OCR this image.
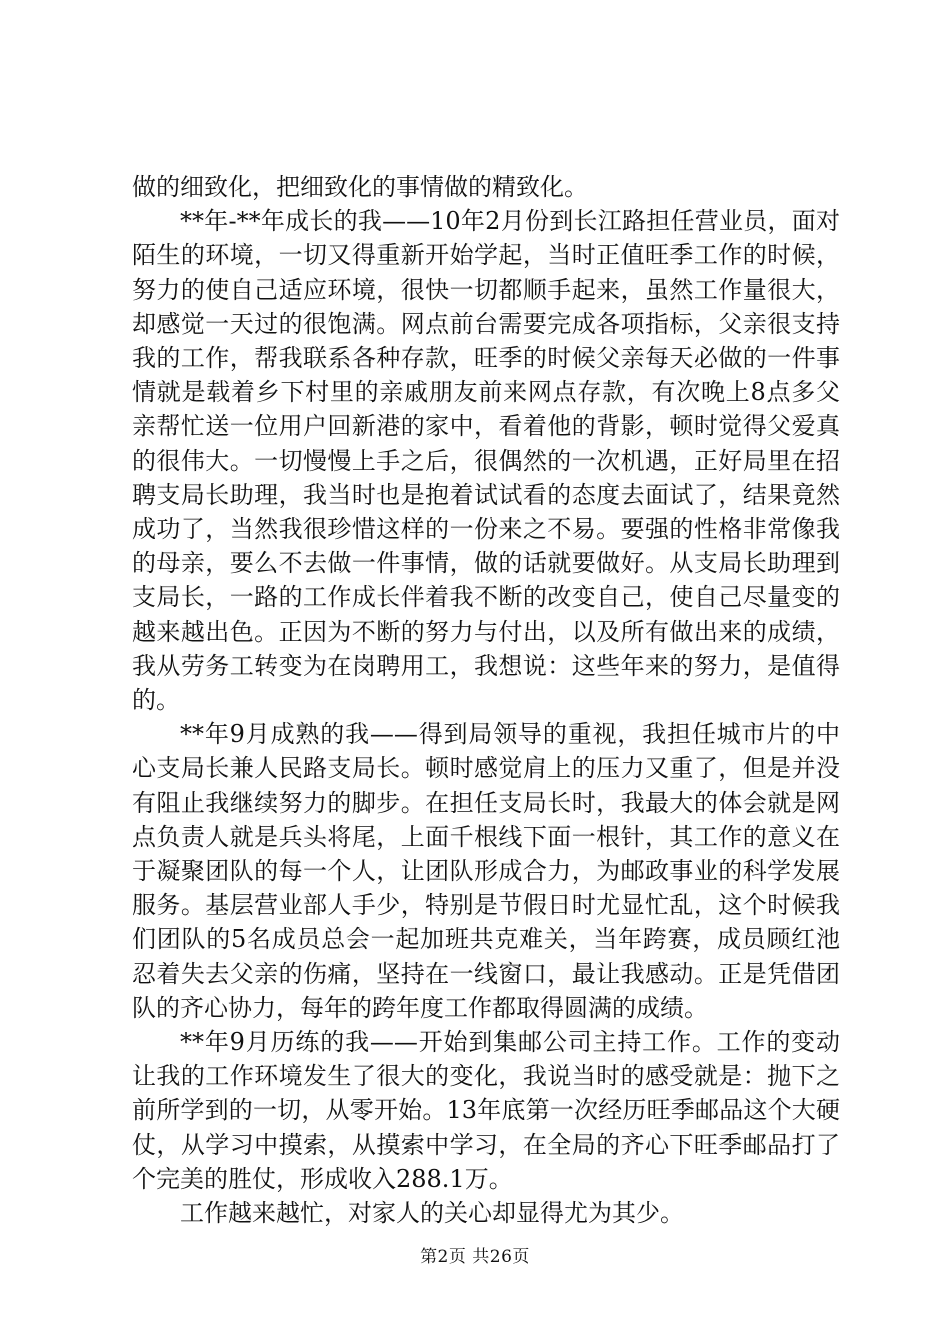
做的细致化，把细致化的事情做的精致化。

**年-**年成长的我——10年2月份到长江路担任营业员，面对陌生的环境，一切又得重新开始学起，当时正值旺季工作的时候，努力的使自己适应环境，很快一切都顺手起来，虽然工作量很大，却感觉一天过的很饱满。网点前台需要完成各项指标，父亲很支持我的工作，帮我联系各种存款，旺季的时候父亲每天必做的一件事情就是载着乡下村里的亲戚朋友前来网点存款，有次晚上8点多父亲帮忙送一位用户回新港的家中，看着他的背影，顿时觉得父爱真的很伟大。一切慢慢上手之后，很偶然的一次机遇，正好局里在招聘支局长助理，我当时也是抱着试试看的态度去面试了，结果竟然成功了，当然我很珍惜这样的一份来之不易。要强的性格非常像我的母亲，要么不去做一件事情，做的话就要做好。从支局长助理到支局长，一路的工作成长伴着我不断的改变自己，使自己尽量变的越来越出色。正因为不断的努力与付出，以及所有做出来的成绩，我从劳务工转变为在岗聘用工，我想说：这些年来的努力，是值得的。

**年9月成熟的我——得到局领导的重视，我担任城市片的中心支局长兼人民路支局长。顿时感觉肩上的压力又重了，但是并没有阻止我继续努力的脚步。在担任支局长时，我最大的体会就是网点负责人就是兵头将尾，上面千根线下面一根针，其工作的意义在于凝聚团队的每一个人，让团队形成合力，为邮政事业的科学发展服务。基层营业部人手少，特别是节假日时尤显忙乱，这个时候我们团队的5名成员总会一起加班共克难关，当年跨赛，成员顾红池忍着失去父亲的伤痛，坚持在一线窗口，最让我感动。正是凭借团队的齐心协力，每年的跨年度工作都取得圆满的成绩。

**年9月历练的我——开始到集邮公司主持工作。工作的变动让我的工作环境发生了很大的变化，我说当时的感受就是：抛下之前所学到的一切，从零开始。13年底第一次经历旺季邮品这个大硬仗，从学习中摸索，从摸索中学习，在全局的齐心下旺季邮品打了个完美的胜仗，形成收入288.1万。

工作越来越忙，对家人的关心却显得尤为其少。

第2页 共26页
